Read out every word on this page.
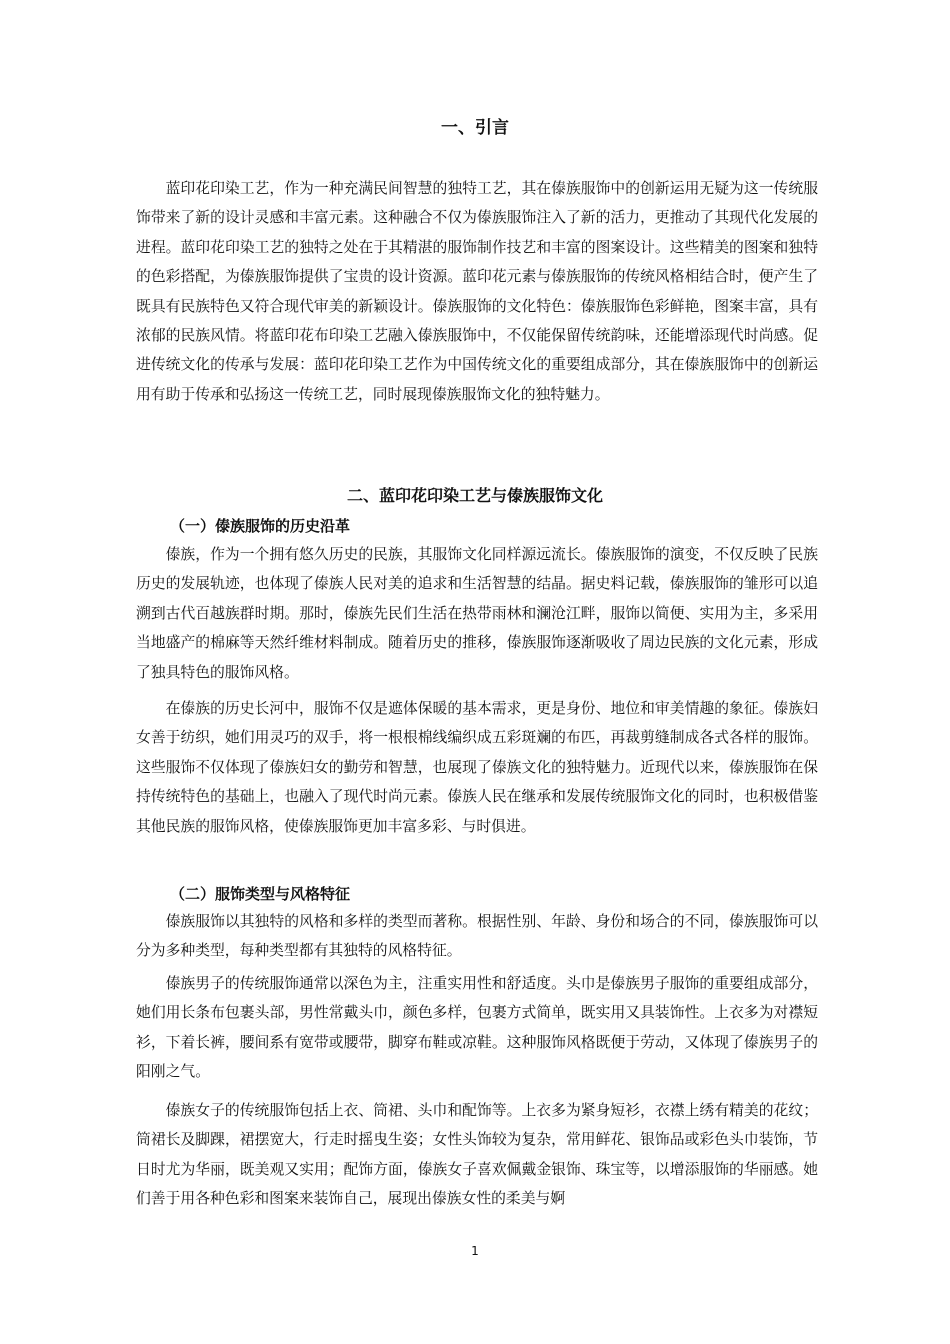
一、引言

蓝印花印染工艺，作为一种充满民间智慧的独特工艺，其在傣族服饰中的创新运用无疑为这一传统服饰带来了新的设计灵感和丰富元素。这种融合不仅为傣族服饰注入了新的活力，更推动了其现代化发展的进程。蓝印花印染工艺的独特之处在于其精湛的服饰制作技艺和丰富的图案设计。这些精美的图案和独特的色彩搭配，为傣族服饰提供了宝贵的设计资源。蓝印花元素与傣族服饰的传统风格相结合时，便产生了既具有民族特色又符合现代审美的新颖设计。傣族服饰的文化特色：傣族服饰色彩鲜艳，图案丰富，具有浓郁的民族风情。将蓝印花布印染工艺融入傣族服饰中，不仅能保留传统韵味，还能增添现代时尚感。促进传统文化的传承与发展：蓝印花印染工艺作为中国传统文化的重要组成部分，其在傣族服饰中的创新运用有助于传承和弘扬这一传统工艺，同时展现傣族服饰文化的独特魅力。

二、蓝印花印染工艺与傣族服饰文化
（一）傣族服饰的历史沿革

傣族，作为一个拥有悠久历史的民族，其服饰文化同样源远流长。傣族服饰的演变，不仅反映了民族历史的发展轨迹，也体现了傣族人民对美的追求和生活智慧的结晶。据史料记载，傣族服饰的雏形可以追溯到古代百越族群时期。那时，傣族先民们生活在热带雨林和澜沧江畔，服饰以简便、实用为主，多采用当地盛产的棉麻等天然纤维材料制成。随着历史的推移，傣族服饰逐渐吸收了周边民族的文化元素，形成了独具特色的服饰风格。

在傣族的历史长河中，服饰不仅是遮体保暖的基本需求，更是身份、地位和审美情趣的象征。傣族妇女善于纺织，她们用灵巧的双手，将一根根棉线编织成五彩斑斓的布匹，再裁剪缝制成各式各样的服饰。这些服饰不仅体现了傣族妇女的勤劳和智慧，也展现了傣族文化的独特魅力。近现代以来，傣族服饰在保持传统特色的基础上，也融入了现代时尚元素。傣族人民在继承和发展传统服饰文化的同时，也积极借鉴其他民族的服饰风格，使傣族服饰更加丰富多彩、与时俱进。

（二）服饰类型与风格特征

傣族服饰以其独特的风格和多样的类型而著称。根据性别、年龄、身份和场合的不同，傣族服饰可以分为多种类型，每种类型都有其独特的风格特征。

傣族男子的传统服饰通常以深色为主，注重实用性和舒适度。头巾是傣族男子服饰的重要组成部分，她们用长条布包裹头部，男性常戴头巾，颜色多样，包裹方式简单，既实用又具装饰性。上衣多为对襟短衫，下着长裤，腰间系有宽带或腰带，脚穿布鞋或凉鞋。这种服饰风格既便于劳动，又体现了傣族男子的阳刚之气。

傣族女子的传统服饰包括上衣、筒裙、头巾和配饰等。上衣多为紧身短衫，衣襟上绣有精美的花纹；筒裙长及脚踝，裙摆宽大，行走时摇曳生姿；女性头饰较为复杂，常用鲜花、银饰品或彩色头巾装饰，节日时尤为华丽，既美观又实用；配饰方面，傣族女子喜欢佩戴金银饰、珠宝等，以增添服饰的华丽感。她们善于用各种色彩和图案来装饰自己，展现出傣族女性的柔美与婀

1
